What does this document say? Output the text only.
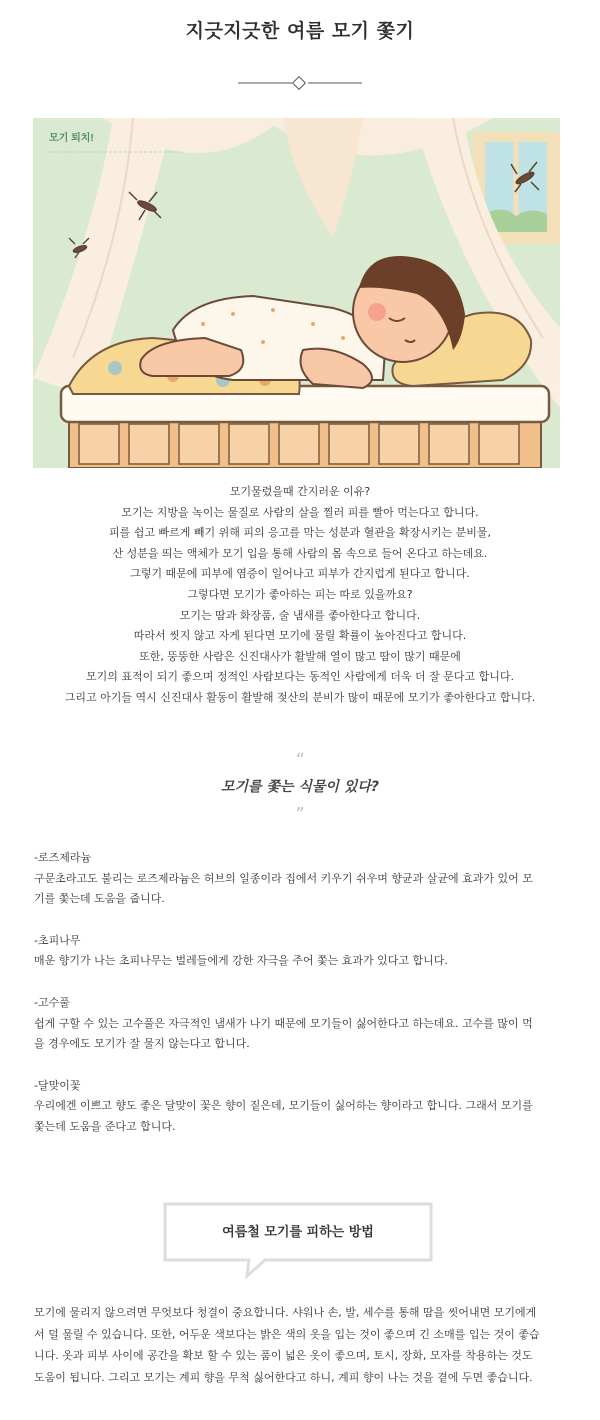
지긋지긋한 여름 모기 쫓기
모기 퇴치!

모기물렸을때 간지러운 이유?

모기는 지방을 녹이는 물질로 사람의 살을 찔러 피를 빨아 먹는다고 합니다.

피를 쉽고 빠르게 빼기 위해 피의 응고를 막는 성분과 혈관을 확장시키는 분비물,

산 성분을 띄는 액체가 모기 입을 통해 사람의 몸 속으로 들어 온다고 하는데요.

그렇기 때문에 피부에 염증이 일어나고 피부가 간지럽게 된다고 합니다.

그렇다면 모기가 좋아하는 피는 따로 있을까요?

모기는 땀과 화장품, 술 냄새를 좋아한다고 합니다.

따라서 씻지 않고 자게 된다면 모기에 물릴 확률이 높아진다고 합니다.

또한, 뚱뚱한 사람은 신진대사가 활발해 열이 많고 땀이 많기 때문에

모기의 표적이 되기 좋으며 정적인 사람보다는 동적인 사람에게 더욱 더 잘 문다고 합니다.

그리고 아기들 역시 신진대사 활동이 활발해 젖산의 분비가 많이 때문에 모기가 좋아한다고 합니다.

“
모기를 쫓는 식물이 있다?
”

-로즈제라늄

구문초라고도 불리는 로즈제라늄은 허브의 일종이라 집에서 키우기 쉬우며 향균과 살균에 효과가 있어 모

기를 쫓는데 도움을 줍니다.

-초피나무

매운 향기가 나는 초피나무는 벌레들에게 강한 자극을 주어 쫓는 효과가 있다고 합니다.

-고수풀

쉽게 구할 수 있는 고수풀은 자극적인 냄새가 나기 때문에 모기들이 싫어한다고 하는데요. 고수를 많이 먹

을 경우에도 모기가 잘 물지 않는다고 합니다.

-달맞이꽃

우리에겐 이쁘고 향도 좋은 달맞이 꽃은 향이 짙은데, 모기들이 싫어하는 향이라고 합니다. 그래서 모기를

쫓는데 도움을 준다고 합니다.

여름철 모기를 피하는 방법

모기에 물리지 않으려면 무엇보다 청결이 중요합니다. 샤워나 손, 발, 세수를 통해 땀을 씻어내면 모기에게

서 덜 물릴 수 있습니다. 또한, 어두운 색보다는 밝은 색의 옷을 입는 것이 좋으며 긴 소매를 입는 것이 좋습

니다. 옷과 피부 사이에 공간을 확보 할 수 있는 품이 넓은 옷이 좋으며, 토시, 장화, 모자를 착용하는 것도

도움이 됩니다. 그리고 모기는 계피 향을 무척 싫어한다고 하니, 계피 향이 나는 것을 곁에 두면 좋습니다.
